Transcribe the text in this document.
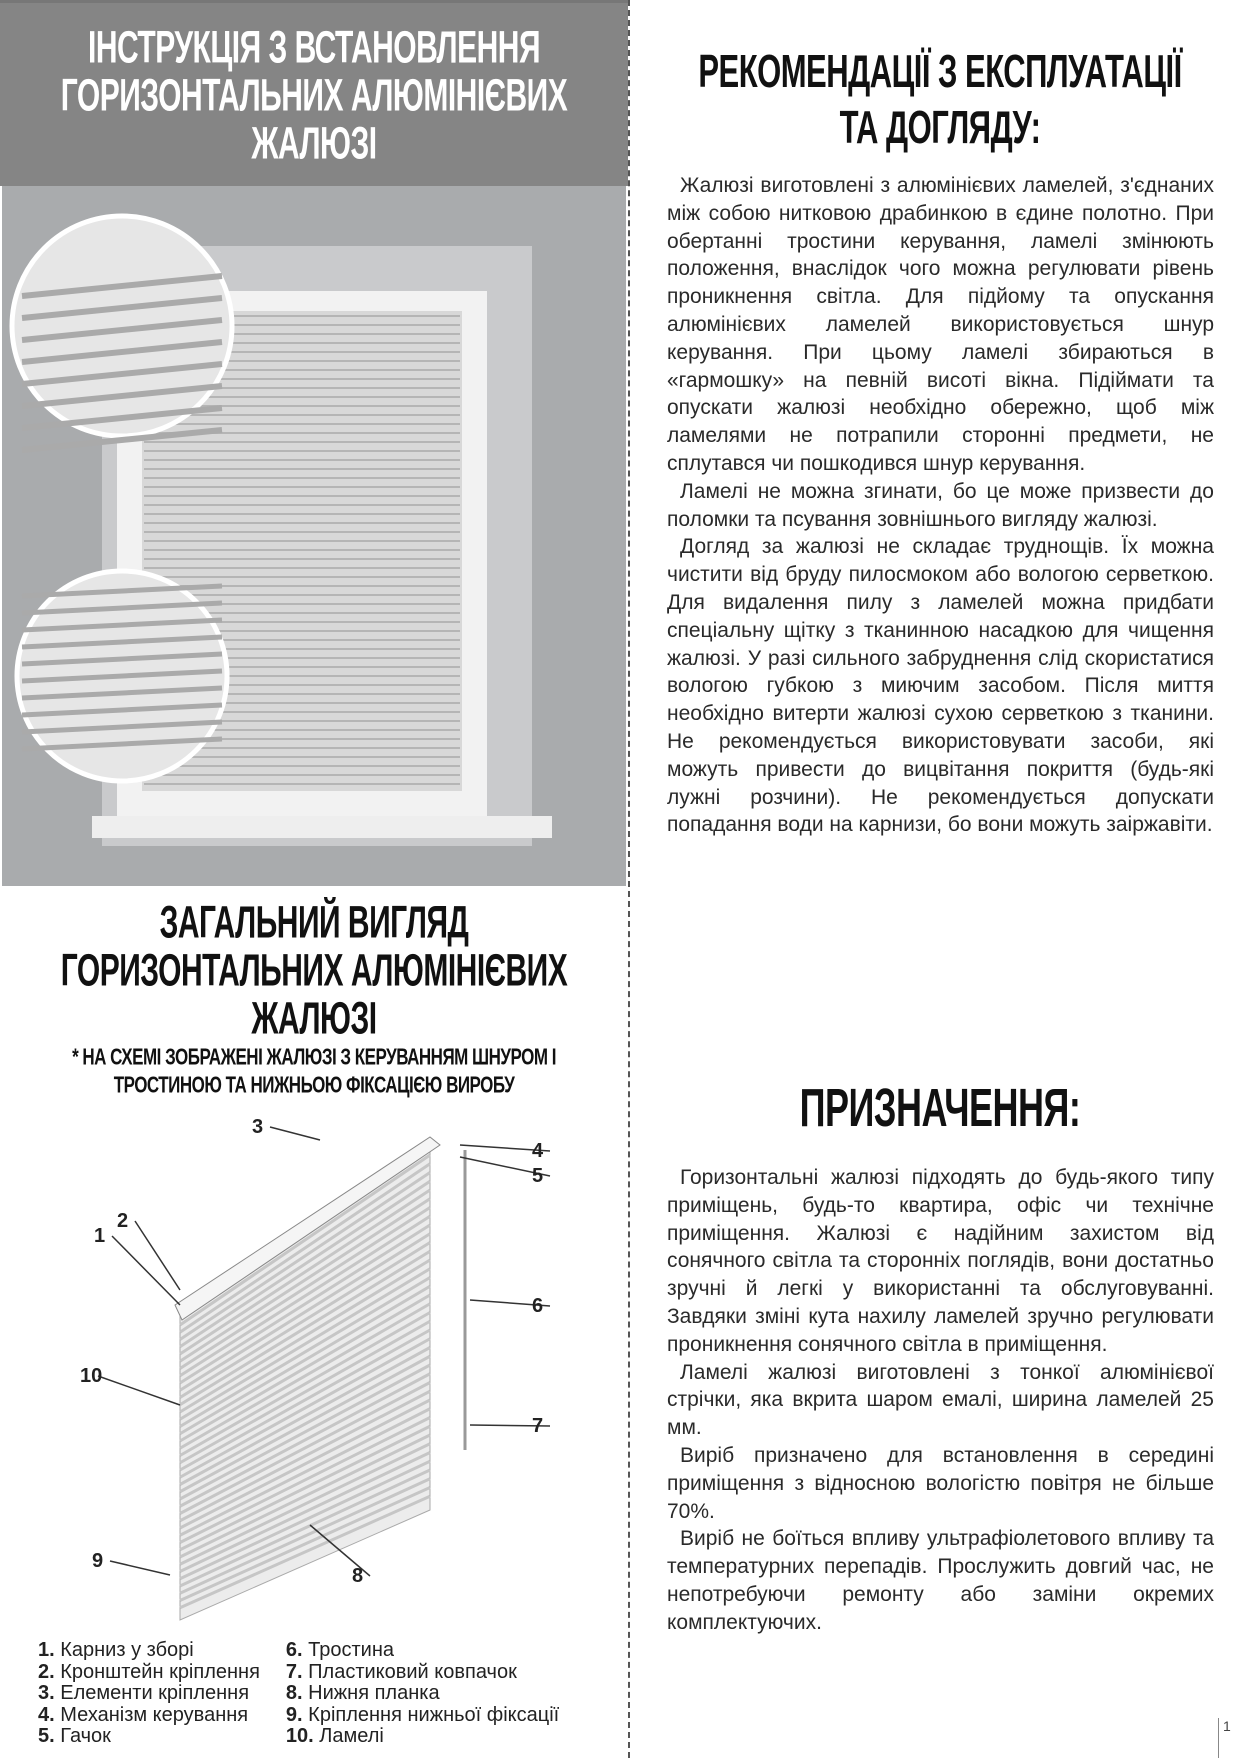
ІНСТРУКЦІЯ З ВСТАНОВЛЕННЯ
ГОРИЗОНТАЛЬНИХ АЛЮМІНІЄВИХ
ЖАЛЮЗІ
ЗАГАЛЬНИЙ ВИГЛЯД
ГОРИЗОНТАЛЬНИХ АЛЮМІНІЄВИХ
ЖАЛЮЗІ
* НА СХЕМІ ЗОБРАЖЕНІ ЖАЛЮЗІ З КЕРУВАННЯМ ШНУРОМ І
ТРОСТИНОЮ ТА НИЖНЬОЮ ФІКСАЦІЄЮ ВИРОБУ
1
2
3
4
5
6
7
8
9
10
1. Карниз у зборі
2. Кронштейн кріплення
3. Елементи кріплення
4. Механізм керування
5. Гачок
6. Тростина
7. Пластиковий ковпачок
8. Нижня планка
9. Кріплення нижньої фіксації
10. Ламелі
РЕКОМЕНДАЦІЇ З ЕКСПЛУАТАЦІЇ
ТА ДОГЛЯДУ:

Жалюзі виготовлені з алюмінієвих ламелей, з'єднаних між собою нитковою драбинкою в єдине полотно. При обертанні тростини керування, ламелі змінюють положення, внаслідок чого можна регулювати рівень проникнення світла. Для підйому та опускання алюмінієвих ламелей використовується шнур керування. При цьому ламелі збираються в «гармошку» на певній висоті вікна. Підіймати та опускати жалюзі необхідно обережно, щоб між ламелями не потрапили сторонні предмети, не сплутався чи пошкодився шнур керування.

Ламелі не можна згинати, бо це може призвести до поломки та псування зовнішнього вигляду жалюзі.

Догляд за жалюзі не складає труднощів. Їх можна чистити від бруду пилосмоком або вологою серветкою. Для видалення пилу з ламелей можна придбати спеціальну щітку з тканинною насадкою для чищення жалюзі. У разі сильного забруднення слід скористатися вологою губкою з миючим засобом. Після миття необхідно витерти жалюзі сухою серветкою з тканини. Не рекомендується використовувати засоби, які можуть привести до вицвітання покриття (будь-які лужні розчини). Не рекомендується допускати попадання води на карнизи, бо вони можуть заіржавіти.

ПРИЗНАЧЕННЯ:

Горизонтальні жалюзі підходять до будь-якого типу приміщень, будь-то квартира, офіс чи технічне приміщення. Жалюзі є надійним захистом від сонячного світла та сторонніх поглядів, вони достатньо зручні й легкі у використанні та обслуговуванні. Завдяки зміні кута нахилу ламелей зручно регулювати проникнення сонячного світла в приміщення.

Ламелі жалюзі виготовлені з тонкої алюмінієвої стрічки, яка вкрита шаром емалі, ширина ламелей 25 мм.

Виріб призначено для встановлення в середині приміщення з відносною вологістю повітря не більше 70%.

Виріб не боїться впливу ультрафіолетового впливу та температурних перепадів. Прослужить довгий час, не непотребуючи ремонту або заміни окремих комплектуючих.

1
